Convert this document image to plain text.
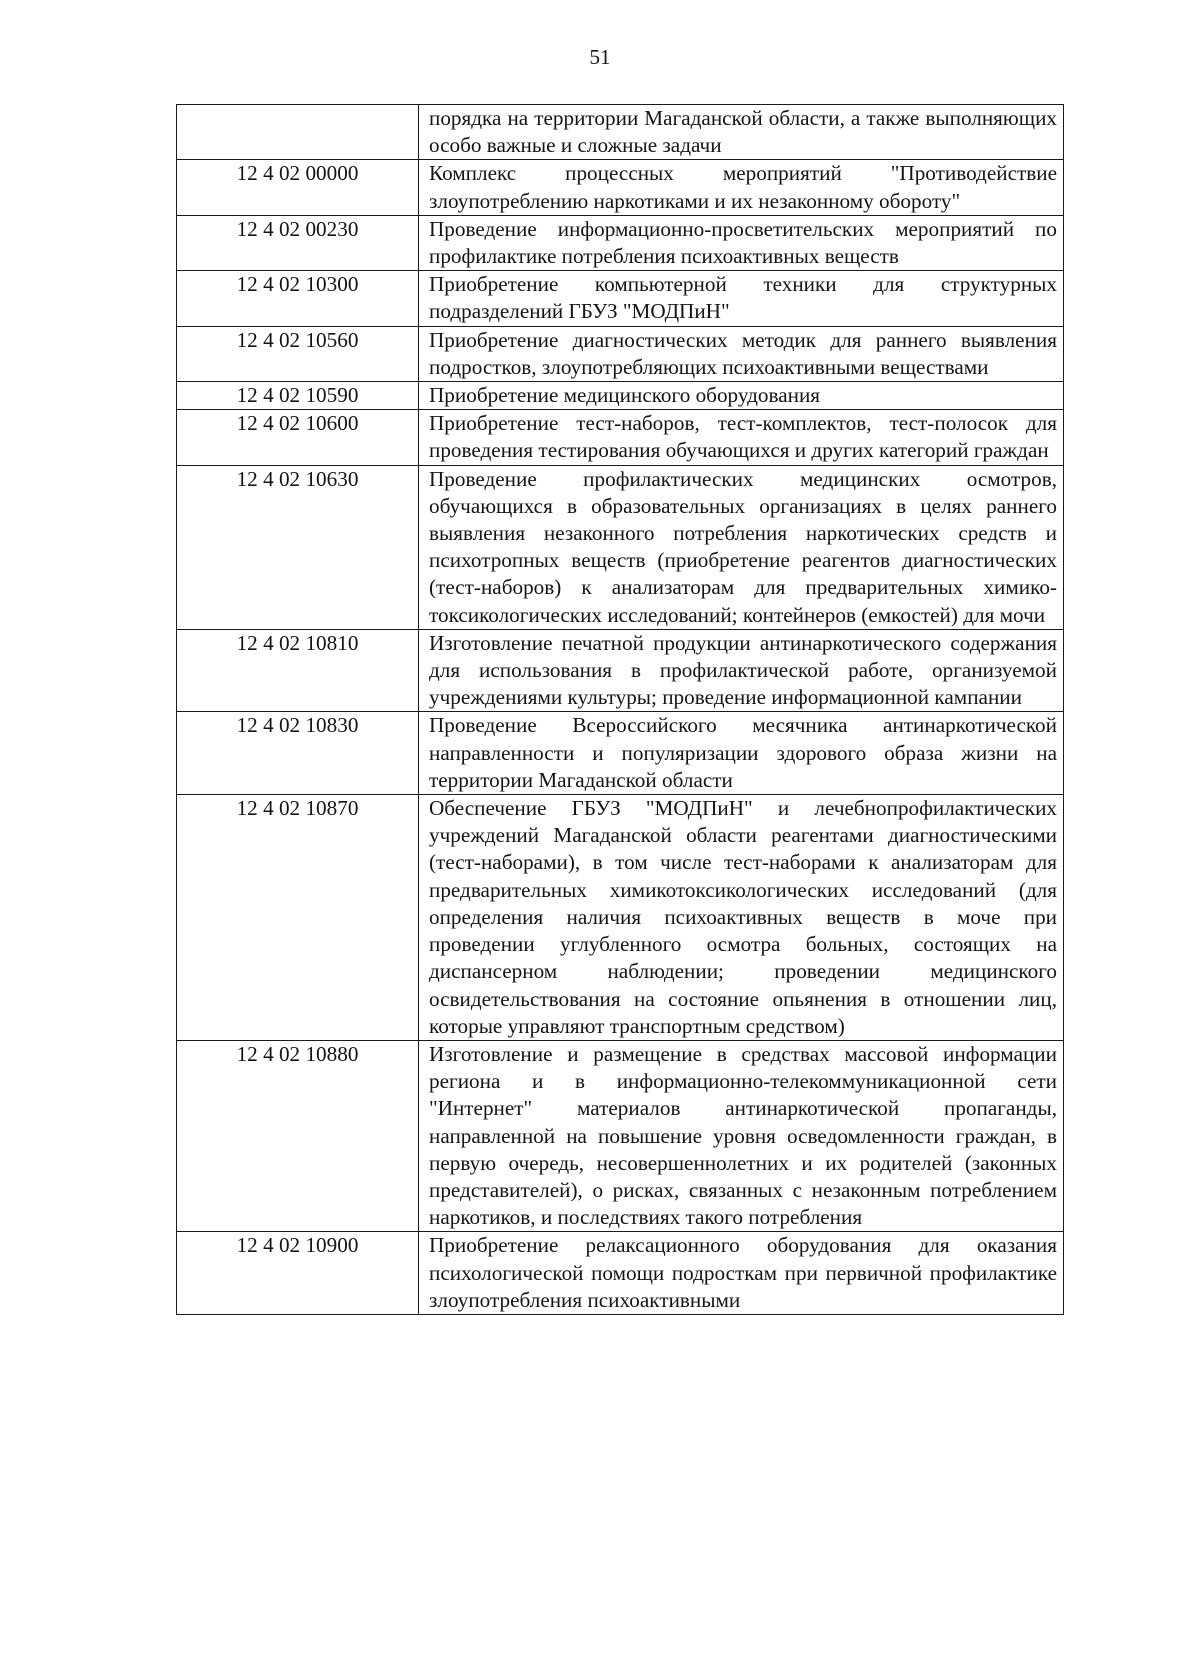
51
	порядка на территории Магаданской области, а также выполняющих особо важные и сложные задачи
12 4 02 00000	Комплекс процессных мероприятий "Противодействие злоупотреблению наркотиками и их незаконному обороту"
12 4 02 00230	Проведение информационно-просветительских мероприятий по профилактике потребления психоактивных веществ
12 4 02 10300	Приобретение компьютерной техники для структурных подразделений ГБУЗ "МОДПиН"
12 4 02 10560	Приобретение диагностических методик для раннего выявления подростков, злоупотребляющих психоактивными веществами
12 4 02 10590	Приобретение медицинского оборудования
12 4 02 10600	Приобретение тест-наборов, тест-комплектов, тест-полосок для проведения тестирования обучающихся и других категорий граждан
12 4 02 10630	Проведение профилактических медицинских осмотров, обучающихся в образовательных организациях в целях раннего выявления незаконного потребления наркотических средств и психотропных веществ (приобретение реагентов диагностических (тест-наборов) к анализаторам для предварительных химико-токсикологических исследований; контейнеров (емкостей) для мочи
12 4 02 10810	Изготовление печатной продукции антинаркотического содержания для использования в профилактической работе, организуемой учреждениями культуры; проведение информационной кампании
12 4 02 10830	Проведение Всероссийского месячника антинаркотической направленности и популяризации здорового образа жизни на территории Магаданской области
12 4 02 10870	Обеспечение ГБУЗ "МОДПиН" и лечебнопрофилактических учреждений Магаданской области реагентами диагностическими (тест-наборами), в том числе тест-наборами к анализаторам для предварительных химикотоксикологических исследований (для определения наличия психоактивных веществ в моче при проведении углубленного осмотра больных, состоящих на диспансерном наблюдении; проведении медицинского освидетельствования на состояние опьянения в отношении лиц, которые управляют транспортным средством)
12 4 02 10880	Изготовление и размещение в средствах массовой информации региона и в информационно-телекоммуникационной сети "Интернет" материалов антинаркотической пропаганды, направленной на повышение уровня осведомленности граждан, в первую очередь, несовершеннолетних и их родителей (законных представителей), о рисках, связанных с незаконным потреблением наркотиков, и последствиях такого потребления
12 4 02 10900	Приобретение релаксационного оборудования для оказания психологической помощи подросткам при первичной профилактике злоупотребления психоактивными
